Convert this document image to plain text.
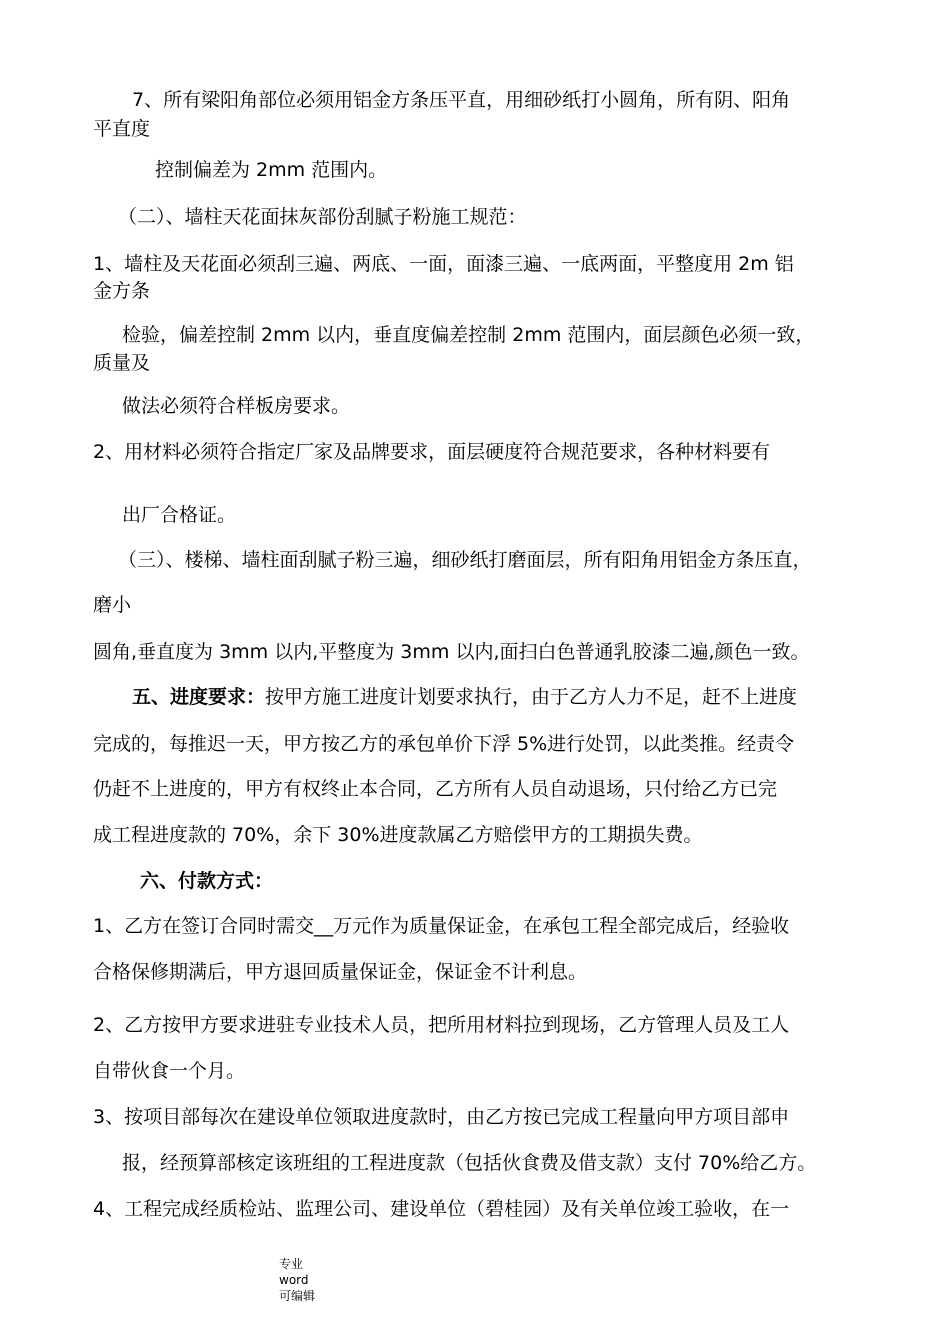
7、所有梁阳角部位必须用铝金方条压平直，用细砂纸打小圆角，所有阴、阳角

平直度

控制偏差为 2mm 范围内。

（二）、墙柱天花面抹灰部份刮腻子粉施工规范：

1、墙柱及天花面必须刮三遍、两底、一面，面漆三遍、一底两面，平整度用 2m 铝

金方条

检验，偏差控制 2mm 以内，垂直度偏差控制 2mm 范围内，面层颜色必须一致，

质量及

做法必须符合样板房要求。

2、用材料必须符合指定厂家及品牌要求，面层硬度符合规范要求，各种材料要有

出厂合格证。

（三）、楼梯、墙柱面刮腻子粉三遍，细砂纸打磨面层，所有阳角用铝金方条压直，

磨小

圆角,垂直度为 3mm 以内,平整度为 3mm 以内,面扫白色普通乳胶漆二遍,颜色一致。

五、进度要求：按甲方施工进度计划要求执行，由于乙方人力不足，赶不上进度

完成的，每推迟一天，甲方按乙方的承包单价下浮 5%进行处罚，以此类推。经责令

仍赶不上进度的，甲方有权终止本合同，乙方所有人员自动退场，只付给乙方已完

成工程进度款的 70%，余下 30%进度款属乙方赔偿甲方的工期损失费。

六、付款方式：

1、乙方在签订合同时需交__万元作为质量保证金，在承包工程全部完成后，经验收

合格保修期满后，甲方退回质量保证金，保证金不计利息。

2、乙方按甲方要求进驻专业技术人员，把所用材料拉到现场，乙方管理人员及工人

自带伙食一个月。

3、按项目部每次在建设单位领取进度款时，由乙方按已完成工程量向甲方项目部申

报，经预算部核定该班组的工程进度款（包括伙食费及借支款）支付 70%给乙方。

4、工程完成经质检站、监理公司、建设单位（碧桂园）及有关单位竣工验收，在一

专业
word
可编辑
